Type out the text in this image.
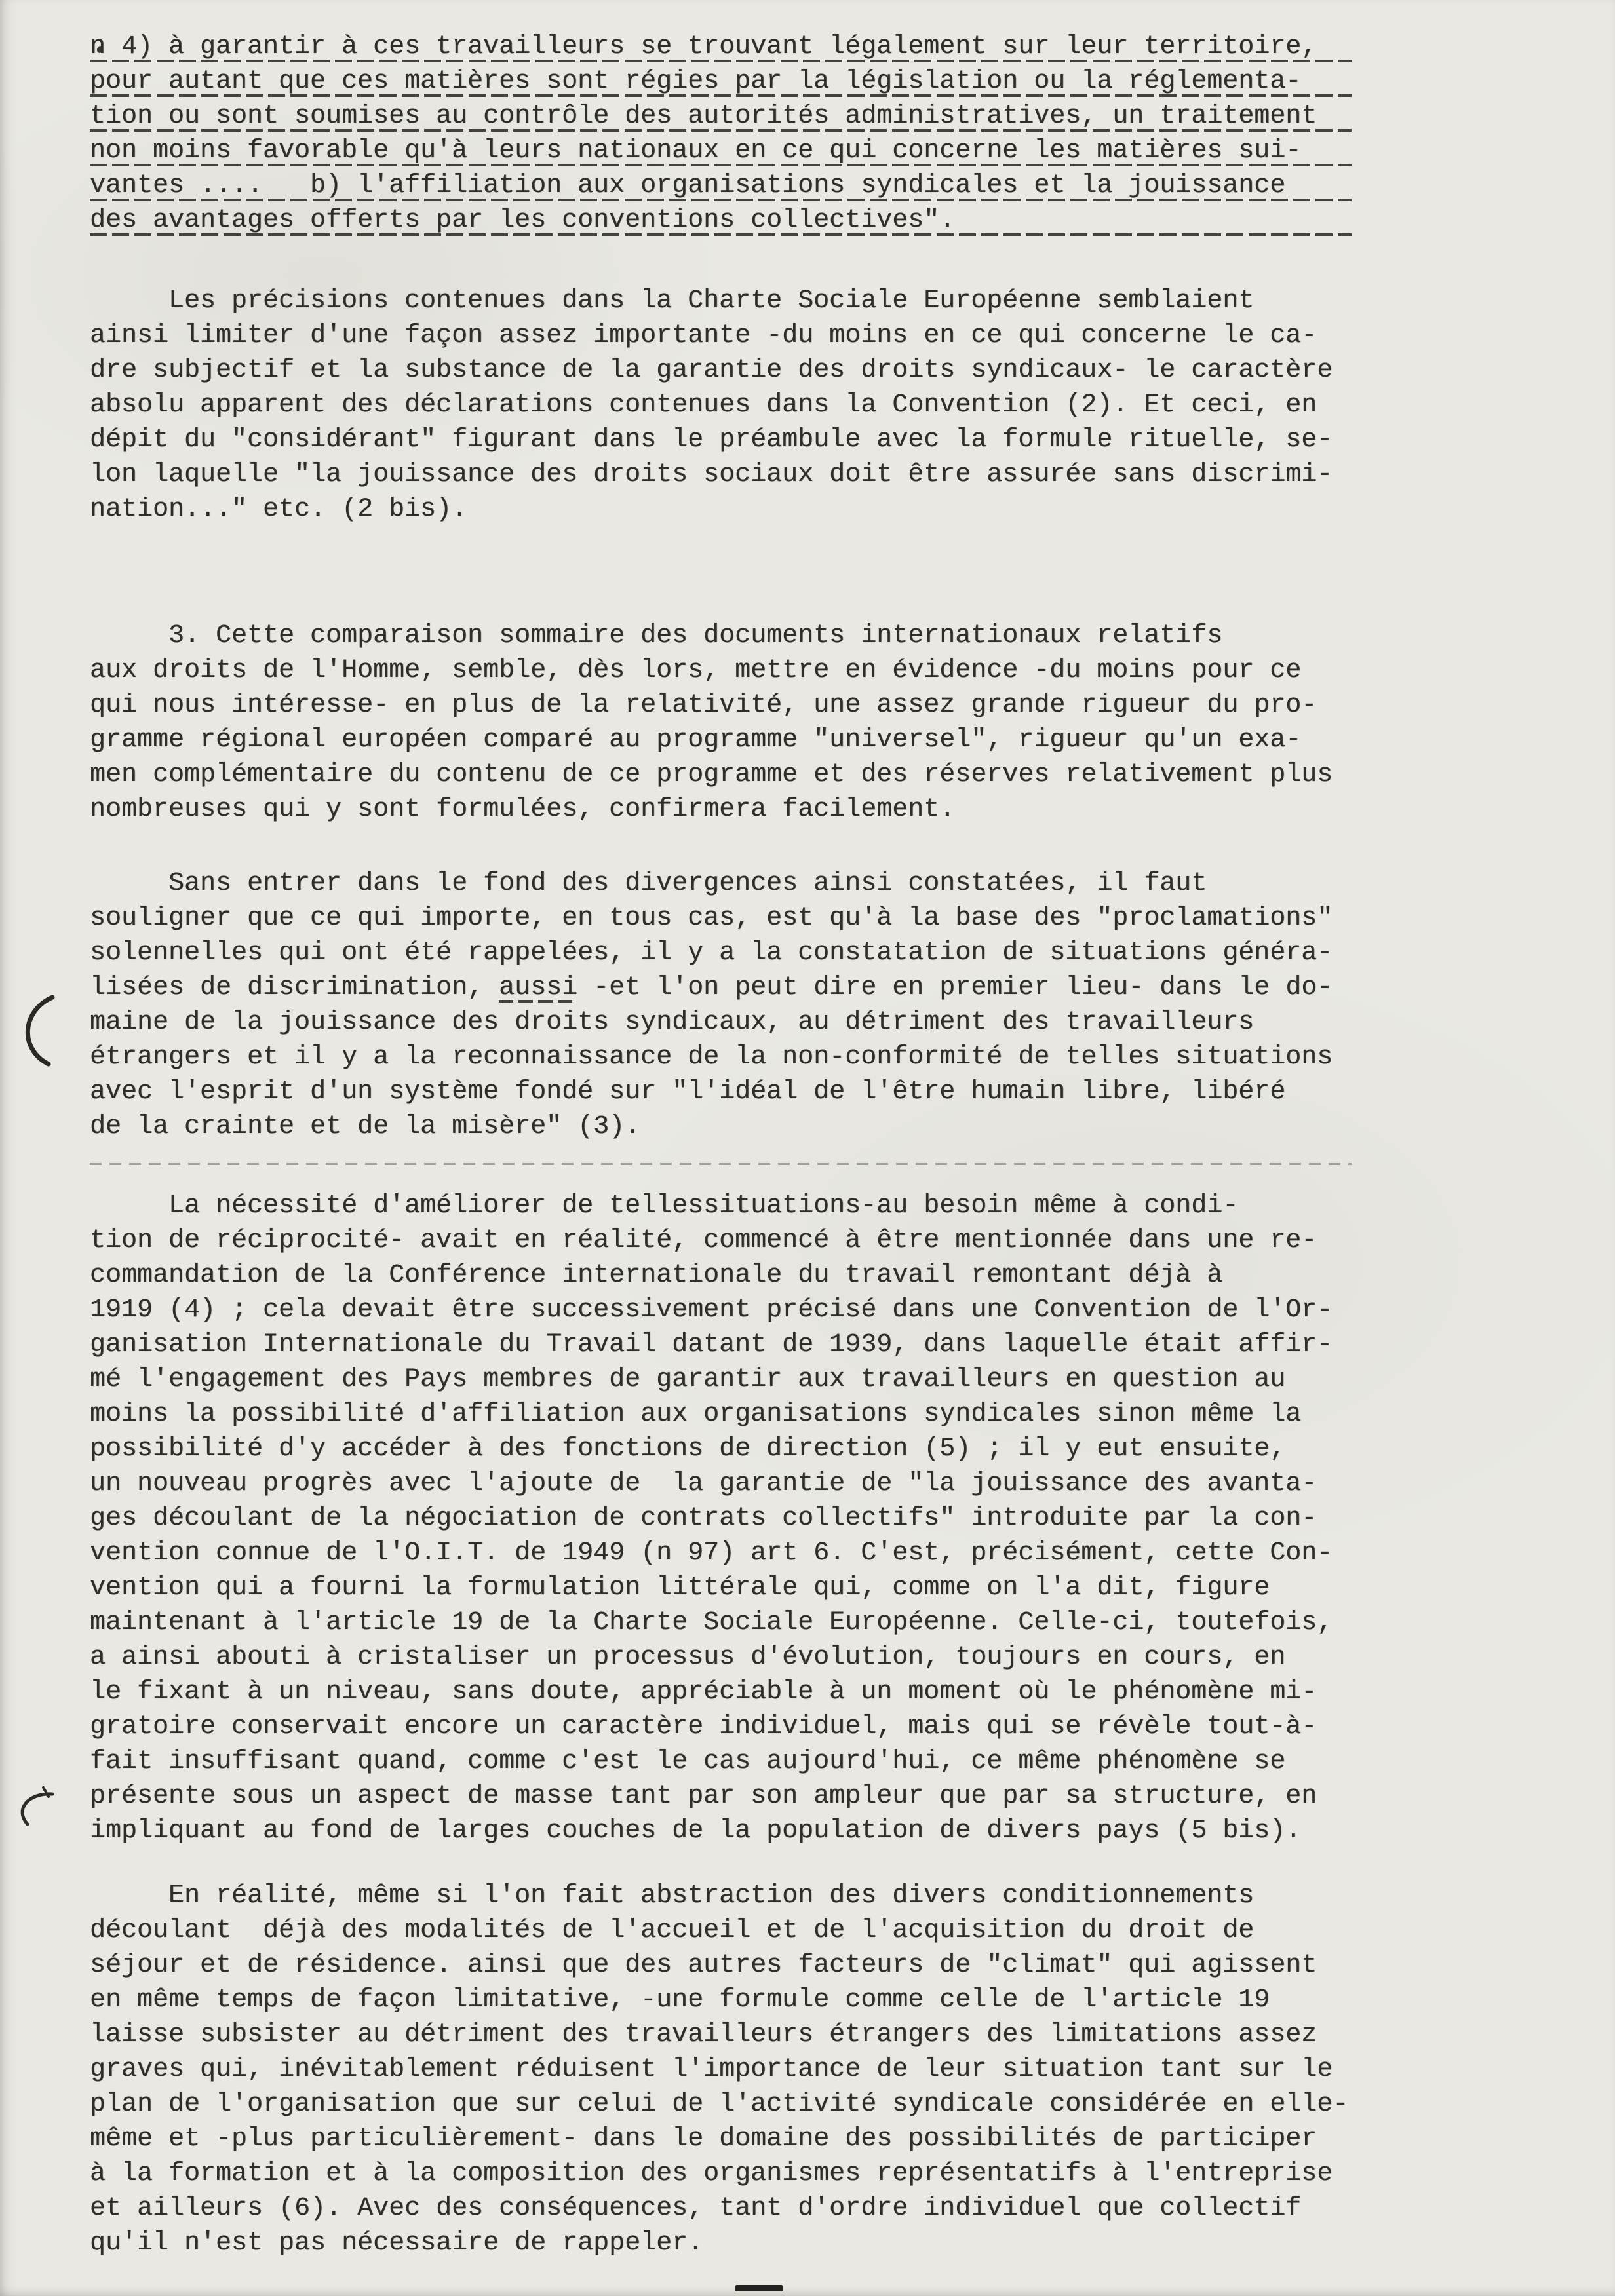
n 4) à garantir à ces travailleurs se trouvant légalement sur leur territoire,
pour autant que ces matières sont régies par la législation ou la réglementa-
tion ou sont soumises au contrôle des autorités administratives, un traitement
non moins favorable qu'à leurs nationaux en ce qui concerne les matières sui-
vantes ....   b) l'affiliation aux organisations syndicales et la jouissance
des avantages offerts par les conventions collectives".
Les précisions contenues dans la Charte Sociale Européenne semblaient
ainsi limiter d'une façon assez importante -du moins en ce qui concerne le ca-
dre subjectif et la substance de la garantie des droits syndicaux- le caractère
absolu apparent des déclarations contenues dans la Convention (2). Et ceci, en
dépit du "considérant" figurant dans le préambule avec la formule rituelle, se-
lon laquelle "la jouissance des droits sociaux doit être assurée sans discrimi-
nation..." etc. (2 bis).
3. Cette comparaison sommaire des documents internationaux relatifs
aux droits de l'Homme, semble, dès lors, mettre en évidence -du moins pour ce
qui nous intéresse- en plus de la relativité, une assez grande rigueur du pro-
gramme régional européen comparé au programme "universel", rigueur qu'un exa-
men complémentaire du contenu de ce programme et des réserves relativement plus
nombreuses qui y sont formulées, confirmera facilement.
Sans entrer dans le fond des divergences ainsi constatées, il faut
souligner que ce qui importe, en tous cas, est qu'à la base des "proclamations"
solennelles qui ont été rappelées, il y a la constatation de situations généra-
lisées de discrimination, aussi -et l'on peut dire en premier lieu- dans le do-
maine de la jouissance des droits syndicaux, au détriment des travailleurs
étrangers et il y a la reconnaissance de la non-conformité de telles situations
avec l'esprit d'un système fondé sur "l'idéal de l'être humain libre, libéré
de la crainte et de la misère" (3).
La nécessité d'améliorer de tellessituations-au besoin même à condi-
tion de réciprocité- avait en réalité, commencé à être mentionnée dans une re-
commandation de la Conférence internationale du travail remontant déjà à
1919 (4) ; cela devait être successivement précisé dans une Convention de l'Or-
ganisation Internationale du Travail datant de 1939, dans laquelle était affir-
mé l'engagement des Pays membres de garantir aux travailleurs en question au
moins la possibilité d'affiliation aux organisations syndicales sinon même la
possibilité d'y accéder à des fonctions de direction (5) ; il y eut ensuite,
un nouveau progrès avec l'ajoute de  la garantie de "la jouissance des avanta-
ges découlant de la négociation de contrats collectifs" introduite par la con-
vention connue de l'O.I.T. de 1949 (n 97) art 6. C'est, précisément, cette Con-
vention qui a fourni la formulation littérale qui, comme on l'a dit, figure
maintenant à l'article 19 de la Charte Sociale Européenne. Celle-ci, toutefois,
a ainsi abouti à cristaliser un processus d'évolution, toujours en cours, en
le fixant à un niveau, sans doute, appréciable à un moment où le phénomène mi-
gratoire conservait encore un caractère individuel, mais qui se révèle tout-à-
fait insuffisant quand, comme c'est le cas aujourd'hui, ce même phénomène se
présente sous un aspect de masse tant par son ampleur que par sa structure, en
impliquant au fond de larges couches de la population de divers pays (5 bis).
En réalité, même si l'on fait abstraction des divers conditionnements
découlant  déjà des modalités de l'accueil et de l'acquisition du droit de
séjour et de résidence. ainsi que des autres facteurs de "climat" qui agissent
en même temps de façon limitative, -une formule comme celle de l'article 19
laisse subsister au détriment des travailleurs étrangers des limitations assez
graves qui, inévitablement réduisent l'importance de leur situation tant sur le
plan de l'organisation que sur celui de l'activité syndicale considérée en elle-
même et -plus particulièrement- dans le domaine des possibilités de participer
à la formation et à la composition des organismes représentatifs à l'entreprise
et ailleurs (6). Avec des conséquences, tant d'ordre individuel que collectif
qu'il n'est pas nécessaire de rappeler.
